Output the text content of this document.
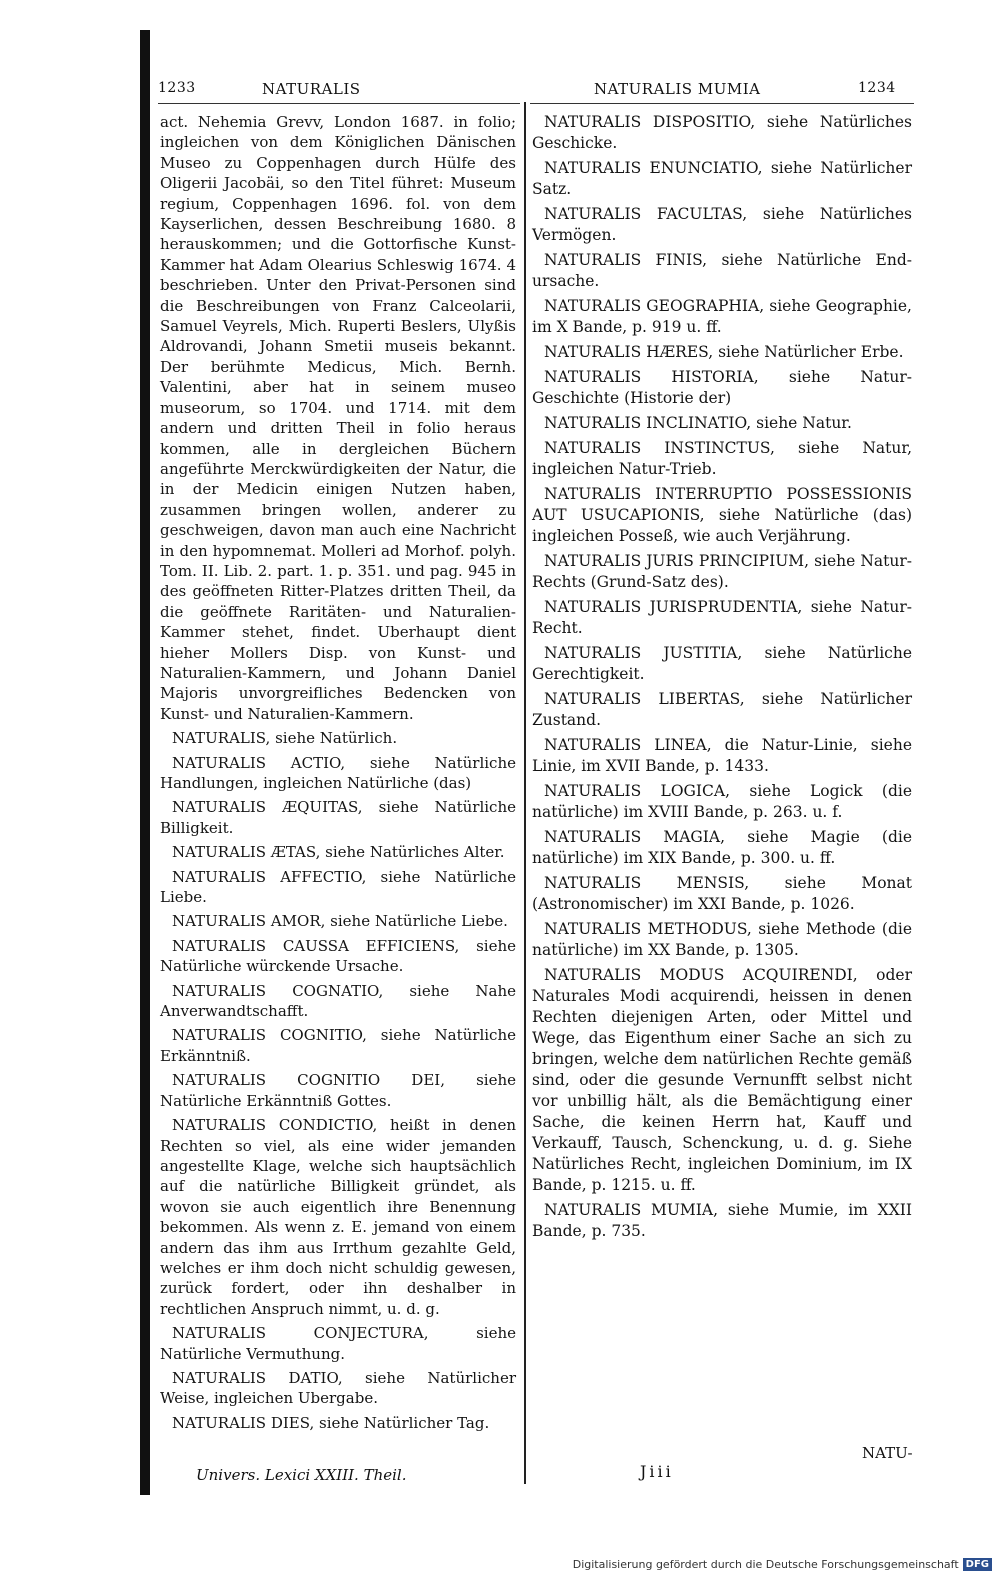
1233	NATURALIS	NATURALIS MUMIA	1234

act. Nehemia Grevv, London 1687. in folio; ingleichen von dem Königlichen Dänischen Museo zu Coppenhagen durch Hülfe des Oligerii Jacobäi, so den Titel führet: Museum regium, Coppenhagen 1696. fol. von dem Kayserlichen, dessen Beschreibung 1680. 8 herauskommen; und die Gottorfische Kunst-Kammer hat Adam Olearius Schleswig 1674. 4 beschrieben. Unter den Privat-Personen sind die Beschreibungen von Franz Calceolarii, Samuel Veyrels, Mich. Ruperti Beslers, Ulyßis Aldrovandi, Johann Smetii museis bekannt. Der berühmte Medicus, Mich. Bernh. Valentini, aber hat in seinem museo museorum, so 1704. und 1714. mit dem andern und dritten Theil in folio heraus kommen, alle in dergleichen Büchern angeführte Merckwürdigkeiten der Natur, die in der Medicin einigen Nutzen haben, zusammen bringen wollen, anderer zu geschweigen, davon man auch eine Nachricht in den hypomnemat. Molleri ad Morhof. polyh. Tom. II. Lib. 2. part. 1. p. 351. und pag. 945 in des geöffneten Ritter-Platzes dritten Theil, da die geöffnete Raritäten- und Naturalien-Kammer stehet, findet. Uberhaupt dient hieher Mollers Disp. von Kunst- und Naturalien-Kammern, und Johann Daniel Majoris unvorgreifliches Bedencken von Kunst- und Naturalien-Kammern.

NATURALIS, siehe Natürlich.

NATURALIS ACTIO, siehe Natürliche Handlungen, ingleichen Natürliche (das)

NATURALIS ÆQUITAS, siehe Natürliche Billigkeit.

NATURALIS ÆTAS, siehe Natürliches Alter.

NATURALIS AFFECTIO, siehe Natürliche Liebe.

NATURALIS AMOR, siehe Natürliche Liebe.

NATURALIS CAUSSA EFFICIENS, siehe Natürliche würckende Ursache.

NATURALIS COGNATIO, siehe Nahe Anverwandtschafft.

NATURALIS COGNITIO, siehe Natürliche Erkänntniß.

NATURALIS COGNITIO DEI, siehe Natürliche Erkänntniß Gottes.

NATURALIS CONDICTIO, heißt in denen Rechten so viel, als eine wider jemanden angestellte Klage, welche sich hauptsächlich auf die natürliche Billigkeit gründet, als wovon sie auch eigentlich ihre Benennung bekommen. Als wenn z. E. jemand von einem andern das ihm aus Irrthum gezahlte Geld, welches er ihm doch nicht schuldig gewesen, zurück fordert, oder ihn deshalber in rechtlichen Anspruch nimmt, u. d. g.

NATURALIS CONJECTURA, siehe Natürliche Vermuthung.

NATURALIS DATIO, siehe Natürlicher Weise, ingleichen Ubergabe.

NATURALIS DIES, siehe Natürlicher Tag.

NATURALIS DISPOSITIO, siehe Natürliches Geschicke.

NATURALIS ENUNCIATIO, siehe Natürlicher Satz.

NATURALIS FACULTAS, siehe Natürliches Vermögen.

NATURALIS FINIS, siehe Natürliche End-ursache.

NATURALIS GEOGRAPHIA, siehe Geographie, im X Bande, p. 919 u. ff.

NATURALIS HÆRES, siehe Natürlicher Erbe.

NATURALIS HISTORIA, siehe Natur-Geschichte (Historie der)

NATURALIS INCLINATIO, siehe Natur.

NATURALIS INSTINCTUS, siehe Natur, ingleichen Natur-Trieb.

NATURALIS INTERRUPTIO POSSESSIONIS AUT USUCAPIONIS, siehe Natürliche (das) ingleichen Posseß, wie auch Verjährung.

NATURALIS JURIS PRINCIPIUM, siehe Natur-Rechts (Grund-Satz des).

NATURALIS JURISPRUDENTIA, siehe Natur-Recht.

NATURALIS JUSTITIA, siehe Natürliche Gerechtigkeit.

NATURALIS LIBERTAS, siehe Natürlicher Zustand.

NATURALIS LINEA, die Natur-Linie, siehe Linie, im XVII Bande, p. 1433.

NATURALIS LOGICA, siehe Logick (die natürliche) im XVIII Bande, p. 263. u. f.

NATURALIS MAGIA, siehe Magie (die natürliche) im XIX Bande, p. 300. u. ff.

NATURALIS MENSIS, siehe Monat (Astronomischer) im XXI Bande, p. 1026.

NATURALIS METHODUS, siehe Methode (die natürliche) im XX Bande, p. 1305.

NATURALIS MODUS ACQUIRENDI, oder Naturales Modi acquirendi, heissen in denen Rechten diejenigen Arten, oder Mittel und Wege, das Eigenthum einer Sache an sich zu bringen, welche dem natürlichen Rechte gemäß sind, oder die gesunde Vernunfft selbst nicht vor unbillig hält, als die Bemächtigung einer Sache, die keinen Herrn hat, Kauff und Verkauff, Tausch, Schenckung, u. d. g. Siehe Natürliches Recht, ingleichen Dominium, im IX Bande, p. 1215. u. ff.

NATURALIS MUMIA, siehe Mumie, im XXII Bande, p. 735.

Univers. Lexici XXIII. Theil.	Jiii
NATU-
Digitalisierung gefördert durch die Deutsche Forschungsgemeinschaft DFG
